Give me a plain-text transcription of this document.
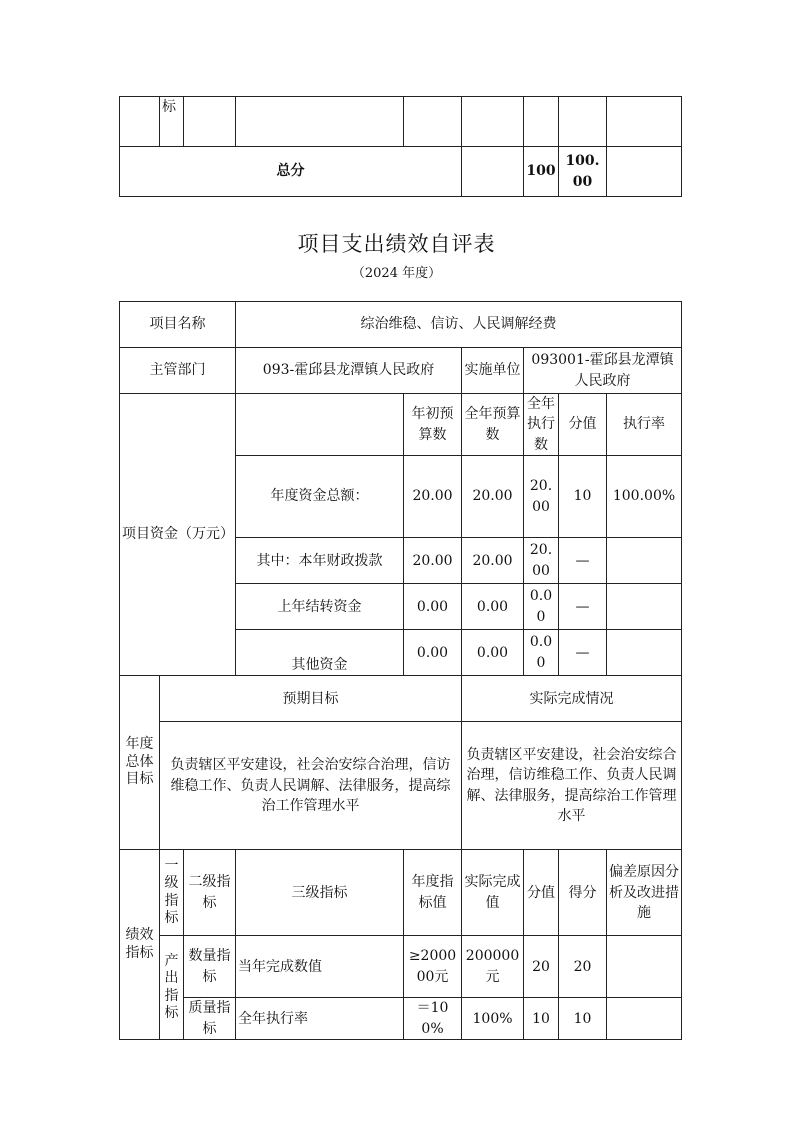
	标							
总分						100	100.00	
项目支出绩效自评表
（2024 年度）
项目名称			综治维稳、信访、人民调解经费						
主管部门			093-霍邱县龙潭镇人民政府		实施单位	093001-霍邱县龙潭镇人民政府			
项目资金（万元）				年初预算数	全年预算数	全年执行数	分值	执行率	
			年度资金总额：	20.00	20.00	20.00	10	100.00%	
			其中：本年财政拨款	20.00	20.00	20.00	—		
			上年结转资金	0.00	0.00	0.00	—		
			其他资金	0.00	0.00	0.00	—		
年度总体目标	预期目标				实际完成情况				
	负责辖区平安建设，社会治安综合治理，信访维稳工作、负责人民调解、法律服务，提高综治工作管理水平				负责辖区平安建设，社会治安综合治理，信访维稳工作、负责人民调解、法律服务，提高综治工作管理水平				
绩效指标	一级指标	二级指标	三级指标	年度指标值	实际完成值	分值	得分	偏差原因分析及改进措施	
	产出指标	数量指标	当年完成数值	≥200000元	200000元	20	20		
		质量指标	全年执行率	＝100%	100%	10	10		
